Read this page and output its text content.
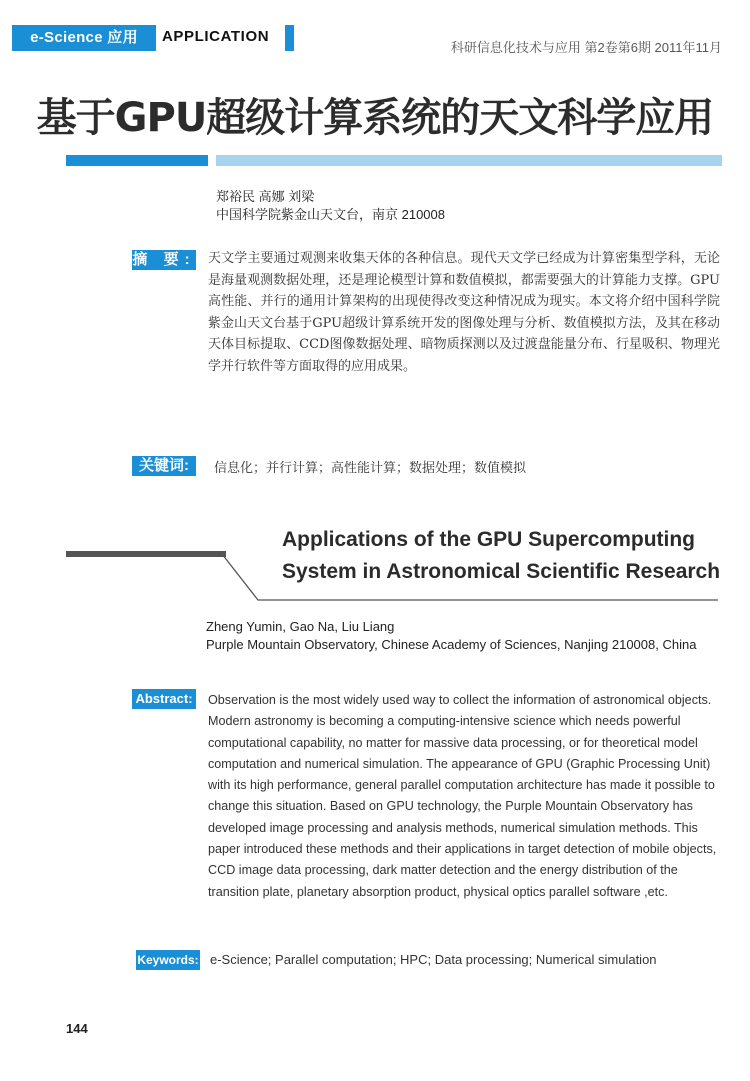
e-Science 应用	APPLICATION
科研信息化技术与应用 第2卷第6期 2011年11月
基于GPU超级计算系统的天文科学应用
郑裕民 高娜 刘梁
中国科学院紫金山天文台，南京 210008
摘 要: 天文学主要通过观测来收集天体的各种信息。现代天文学已经成为计算密集型学科，无论是海量观测数据处理，还是理论模型计算和数值模拟，都需要强大的计算能力支撑。GPU高性能、并行的通用计算架构的出现使得改变这种情况成为现实。本文将介绍中国科学院紫金山天文台基于GPU超级计算系统开发的图像处理与分析、数值模拟方法，及其在移动天体目标提取、CCD图像数据处理、暗物质探测以及过渡盘能量分布、行星吸积、物理光学并行软件等方面取得的应用成果。
关键词:	信息化；并行计算；高性能计算；数据处理；数值模拟
Applications of the GPU Supercomputing
System in Astronomical Scientific Research
Zheng Yumin, Gao Na, Liu Liang
Purple Mountain Observatory, Chinese Academy of Sciences, Nanjing 210008, China
Abstract: Observation is the most widely used way to collect the information of astronomical objects. Modern astronomy is becoming a computing-intensive science which needs powerful computational capability, no matter for massive data processing, or for theoretical model computation and numerical simulation. The appearance of GPU (Graphic Processing Unit) with its high performance, general parallel computation architecture has made it possible to change this situation. Based on GPU technology, the Purple Mountain Observatory has developed image processing and analysis methods, numerical simulation methods. This paper introduced these methods and their applications in target detection of mobile objects, CCD image data processing, dark matter detection and the energy distribution of the transition plate, planetary absorption product, physical optics parallel software ,etc.
Keywords: e-Science; Parallel computation; HPC; Data processing; Numerical simulation
144
